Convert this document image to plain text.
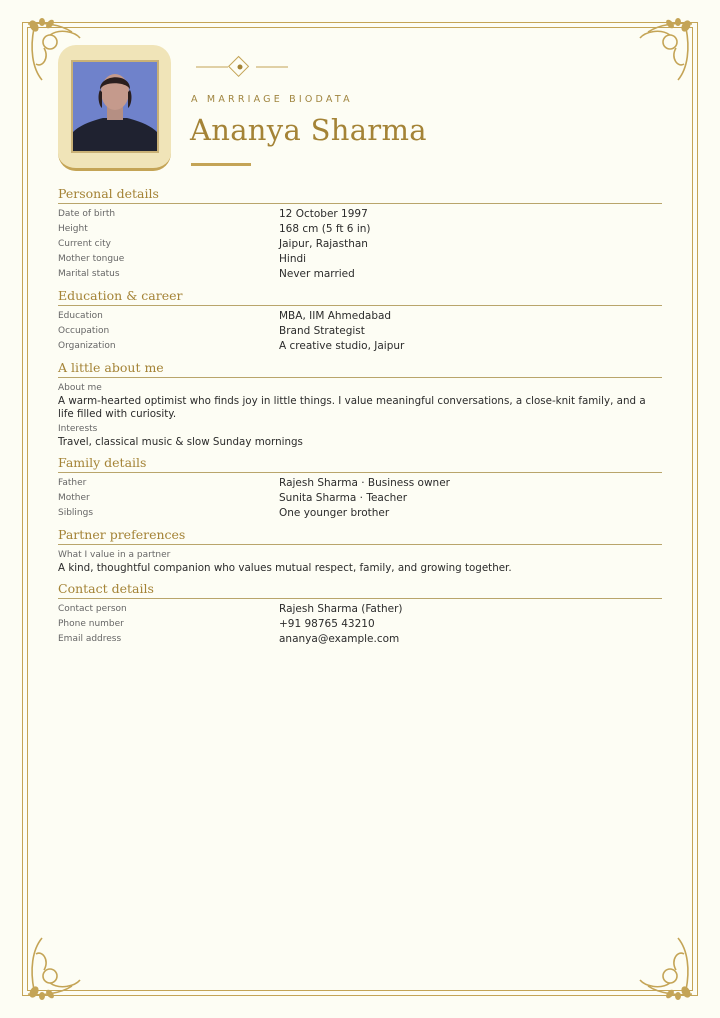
A MARRIAGE BIODATA
Ananya Sharma
Personal details
Date of birth	12 October 1997
Height	168 cm (5 ft 6 in)
Current city	Jaipur, Rajasthan
Mother tongue	Hindi
Marital status	Never married
Education & career
Education	MBA, IIM Ahmedabad
Occupation	Brand Strategist
Organization	A creative studio, Jaipur
A little about me
About me
A warm-hearted optimist who finds joy in little things. I value meaningful conversations, a close-knit family, and a life filled with curiosity.
Interests
Travel, classical music & slow Sunday mornings
Family details
Father	Rajesh Sharma · Business owner
Mother	Sunita Sharma · Teacher
Siblings	One younger brother
Partner preferences
What I value in a partner
A kind, thoughtful companion who values mutual respect, family, and growing together.
Contact details
Contact person	Rajesh Sharma (Father)
Phone number	+91 98765 43210
Email address	ananya@example.com
